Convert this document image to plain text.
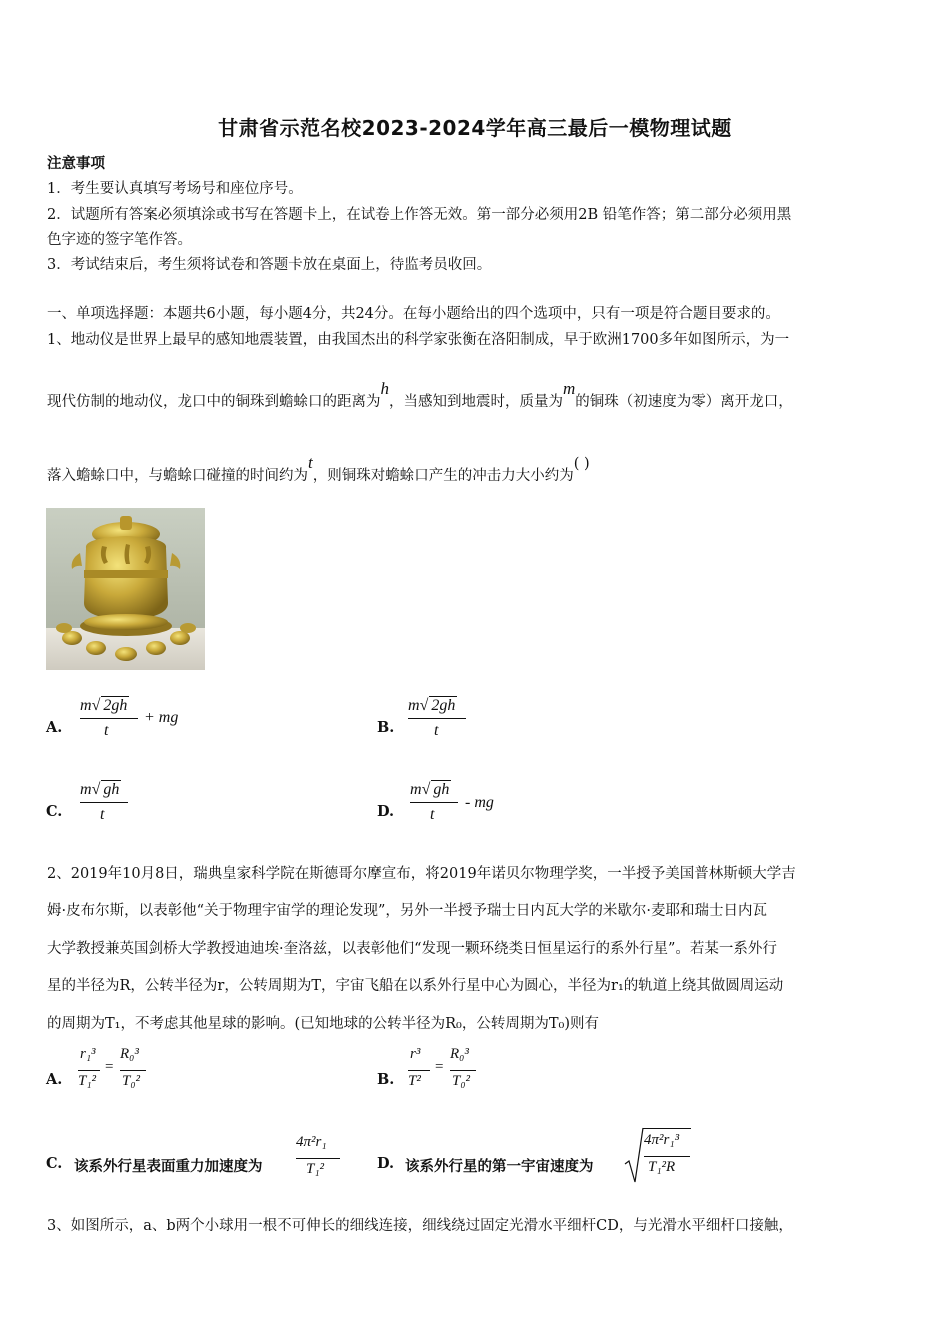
甘肃省示范名校2023-2024学年高三最后一模物理试题
注意事项
1．考生要认真填写考场号和座位序号。
2．试题所有答案必须填涂或书写在答题卡上，在试卷上作答无效。第一部分必须用2B 铅笔作答；第二部分必须用黑
色字迹的签字笔作答。
3．考试结束后，考生须将试卷和答题卡放在桌面上，待监考员收回。
一、单项选择题：本题共6小题，每小题4分，共24分。在每小题给出的四个选项中，只有一项是符合题目要求的。
1、地动仪是世界上最早的感知地震装置，由我国杰出的科学家张衡在洛阳制成，早于欧洲1700多年如图所示，为一
现代仿制的地动仪，龙口中的铜珠到蟾蜍口的距离为h，当感知到地震时，质量为m的铜珠（初速度为零）离开龙口，
落入蟾蜍口中，与蟾蜍口碰撞的时间约为t，则铜珠对蟾蜍口产生的冲击力大小约为( )
A.
m√ 2gh
t
+ mg
B.
m√ 2gh
t
C.
m√ gh
t	D.
m√ gh
t
- mg
2、2019年10月8日，瑞典皇家科学院在斯德哥尔摩宣布，将2019年诺贝尔物理学奖，一半授予美国普林斯顿大学吉
姆·皮布尔斯，以表彰他“关于物理宇宙学的理论发现”，另外一半授予瑞士日内瓦大学的米歇尔·麦耶和瑞士日内瓦
大学教授兼英国剑桥大学教授迪迪埃·奎洛兹，以表彰他们“发现一颗环绕类日恒星运行的系外行星”。若某一系外行
星的半径为R，公转半径为r，公转周期为T，宇宙飞船在以系外行星中心为圆心，半径为r₁的轨道上绕其做圆周运动
的周期为T₁，不考虑其他星球的影响。(已知地球的公转半径为R₀，公转周期为T₀)则有
A.
r₁³
T₁²
=
R₀³
T₀²	B.
r³
T²
=
R₀³
T₀²
C. 该系外行星表面重力加速度为
4π²r₁
T₁²	D. 该系外行星的第一宇宙速度为
4π²r₁³
T₁²R
3、如图所示，a、b两个小球用一根不可伸长的细线连接，细线绕过固定光滑水平细杆CD，与光滑水平细杆口接触，
